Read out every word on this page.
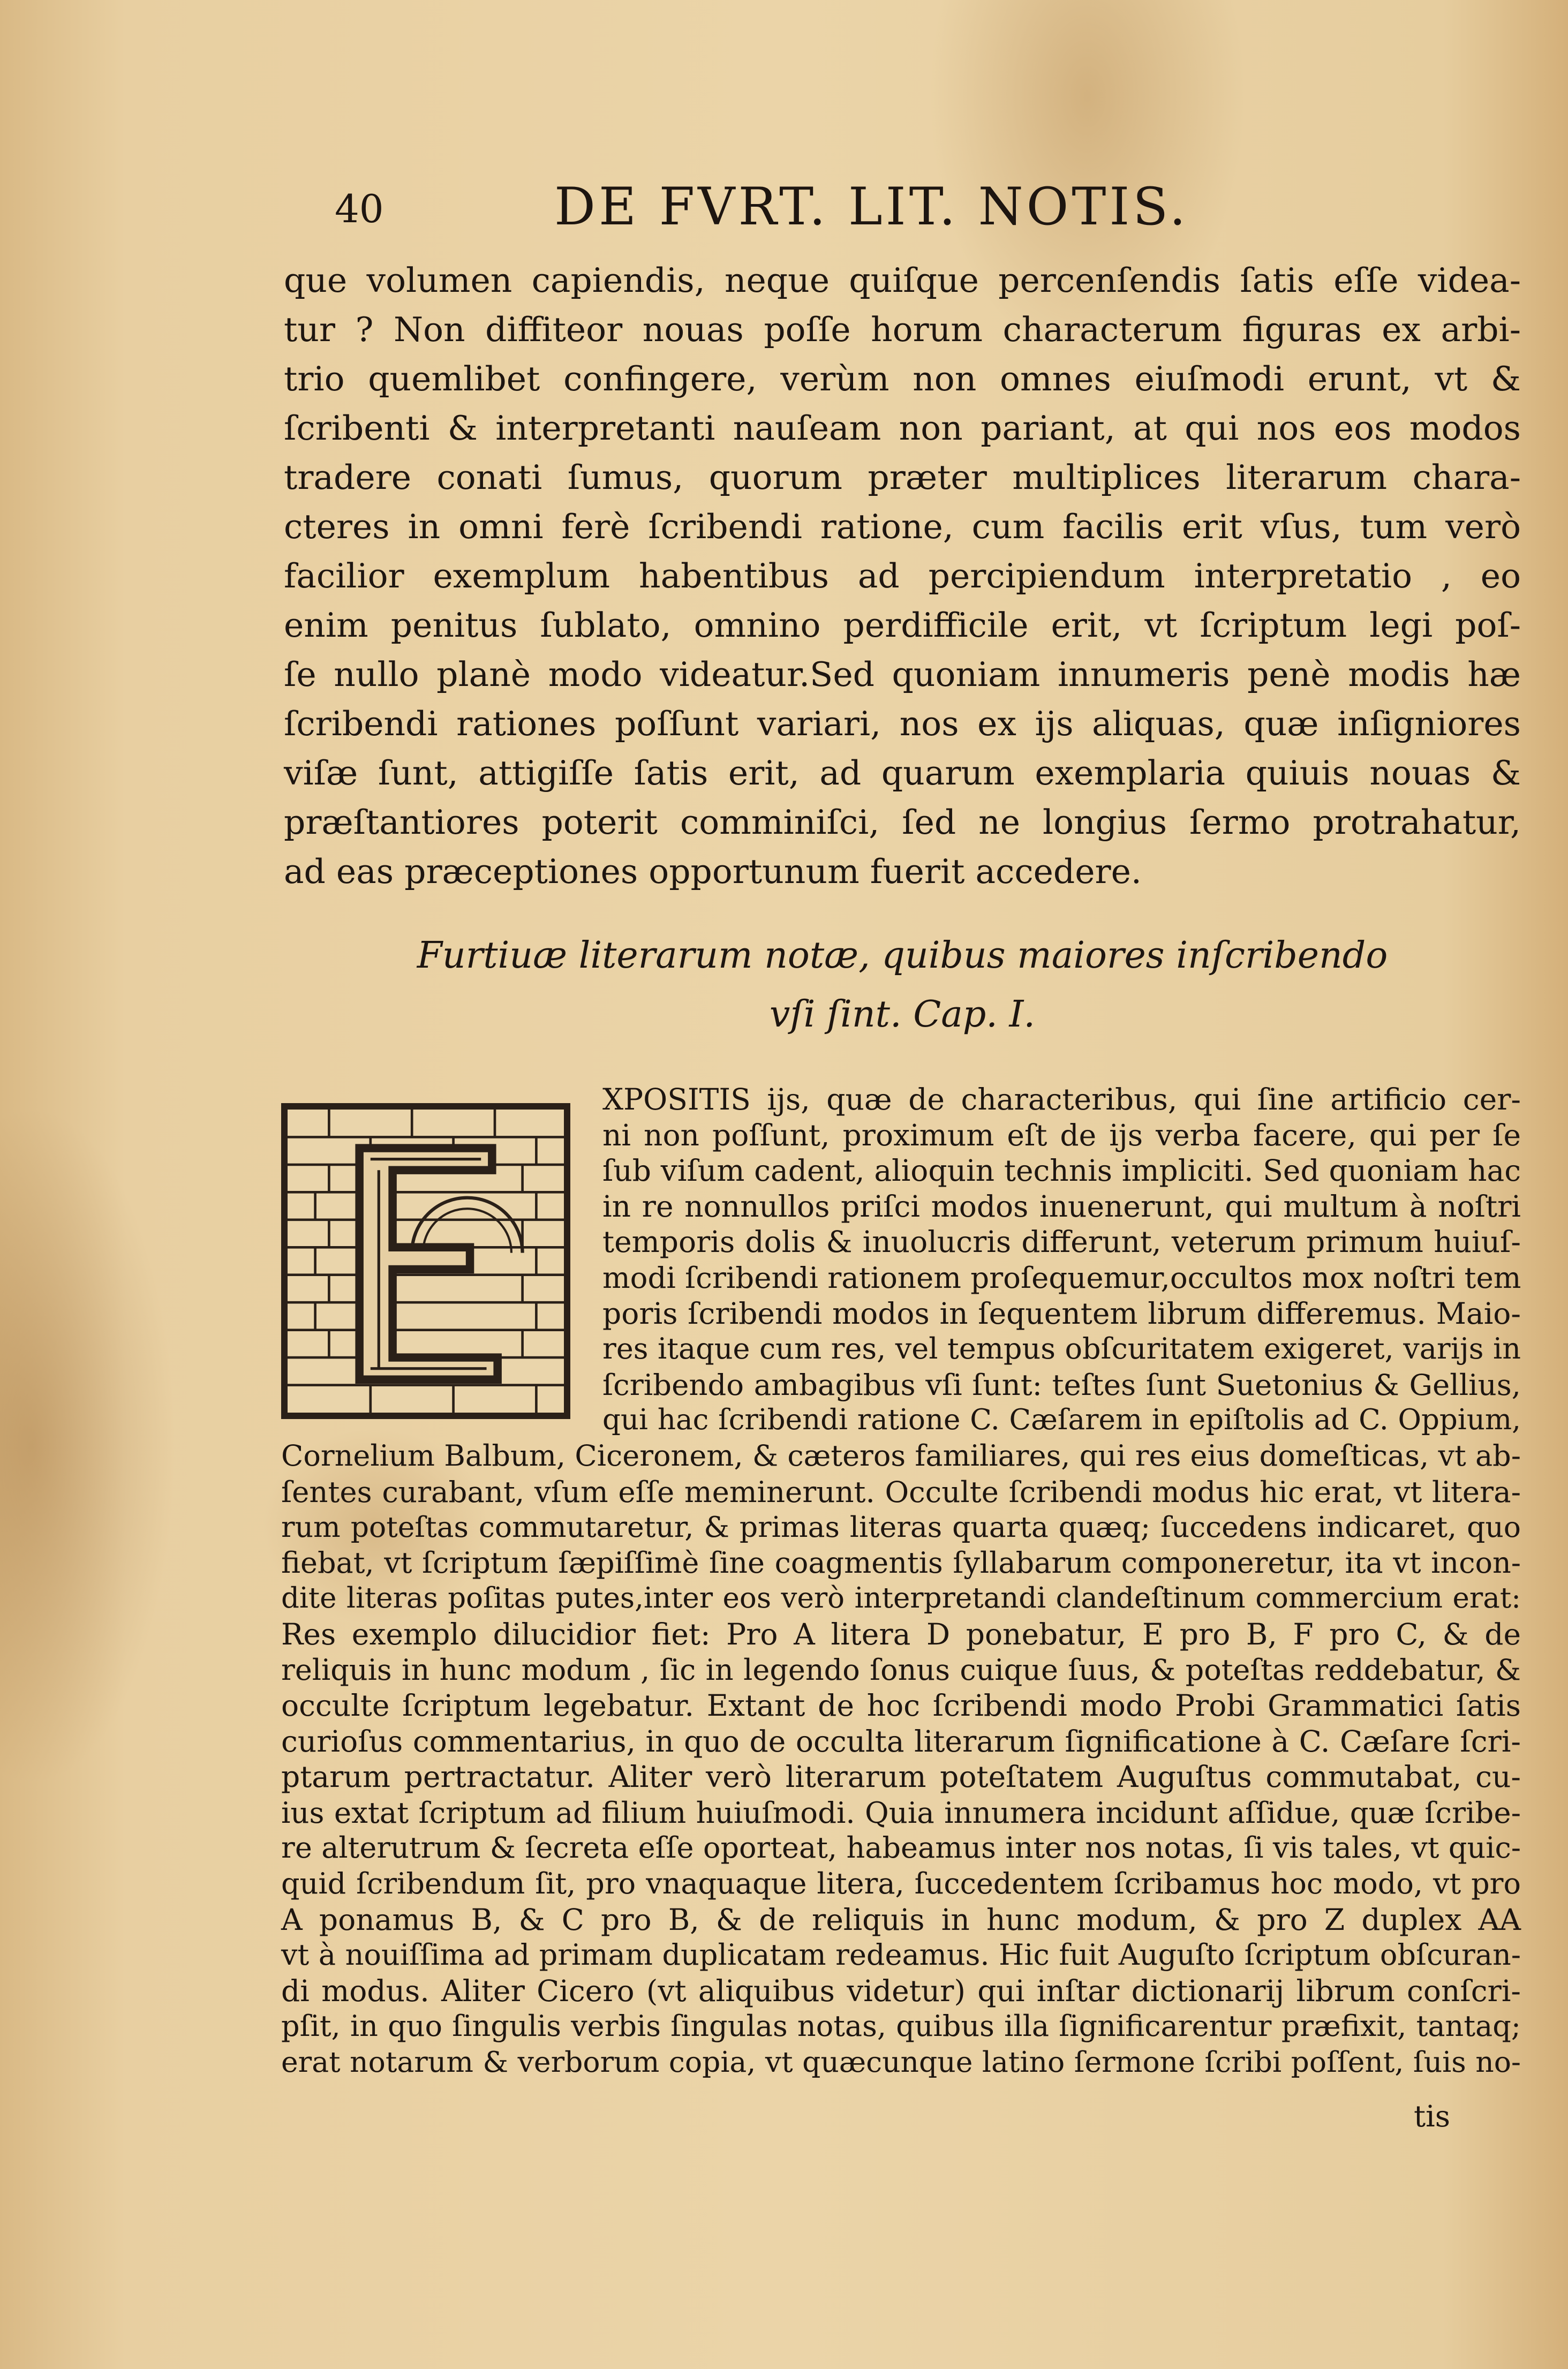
40	DE FVRT. LIT. NOTIS.
que volumen capiendis, neque quiſque percenſendis ſatis eſſe videa-
tur ? Non diffiteor nouas poſſe horum characterum figuras ex arbi-
trio quemlibet confingere, verùm non omnes eiuſmodi erunt, vt &
ſcribenti & interpretanti nauſeam non pariant, at qui nos eos modos
tradere conati ſumus, quorum præter multiplices literarum chara-
cteres in omni ferè ſcribendi ratione, cum facilis erit vſus, tum verò
facilior exemplum habentibus ad percipiendum interpretatio , eo
enim penitus ſublato, omnino perdifficile erit, vt ſcriptum legi poſ-
ſe nullo planè modo videatur.Sed quoniam innumeris penè modis hæ
ſcribendi rationes poſſunt variari, nos ex ijs aliquas, quæ inſigniores
viſæ ſunt, attigiſſe ſatis erit, ad quarum exemplaria quiuis nouas &
præſtantiores poterit comminiſci, ſed ne longius ſermo protrahatur,
ad eas præceptiones opportunum fuerit accedere.
Furtiuæ literarum notæ, quibus maiores inſcribendo
vſi ſint. Cap. I.
XPOSITIS ijs, quæ de characteribus, qui ſine artificio cer-
ni non poſſunt, proximum eſt de ijs verba facere, qui per ſe
ſub viſum cadent, alioquin technis impliciti. Sed quoniam hac
in re nonnullos priſci modos inuenerunt, qui multum à noſtri
temporis dolis & inuolucris differunt, veterum primum huiuſ-
modi ſcribendi rationem proſequemur,occultos mox noſtri tem
poris ſcribendi modos in ſequentem librum differemus. Maio-
res itaque cum res, vel tempus obſcuritatem exigeret, varijs in
ſcribendo ambagibus vſi ſunt: teſtes ſunt Suetonius & Gellius,
qui hac ſcribendi ratione C. Cæſarem in epiſtolis ad C. Oppium,
Cornelium Balbum, Ciceronem, & cæteros familiares, qui res eius domeſticas, vt ab-
ſentes curabant, vſum eſſe meminerunt. Occulte ſcribendi modus hic erat, vt litera-
rum poteſtas commutaretur, & primas literas quarta quæq; ſuccedens indicaret, quo
fiebat, vt ſcriptum ſæpiſſimè ſine coagmentis ſyllabarum componeretur, ita vt incon-
dite literas poſitas putes,inter eos verò interpretandi clandeſtinum commercium erat:
Res exemplo dilucidior fiet: Pro A litera D ponebatur, E pro B, F pro C, & de
reliquis in hunc modum , ſic in legendo ſonus cuique ſuus, & poteſtas reddebatur, &
occulte ſcriptum legebatur. Extant de hoc ſcribendi modo Probi Grammatici ſatis
curioſus commentarius, in quo de occulta literarum ſignificatione à C. Cæſare ſcri-
ptarum pertractatur. Aliter verò literarum poteſtatem Auguſtus commutabat, cu-
ius extat ſcriptum ad filium huiuſmodi. Quia innumera incidunt aſſidue, quæ ſcribe-
re alterutrum & ſecreta eſſe oporteat, habeamus inter nos notas, ſi vis tales, vt quic-
quid ſcribendum ſit, pro vnaquaque litera, ſuccedentem ſcribamus hoc modo, vt pro
A ponamus B, & C pro B, & de reliquis in hunc modum, & pro Z duplex AA
vt à nouiſſima ad primam duplicatam redeamus. Hic fuit Auguſto ſcriptum obſcuran-
di modus. Aliter Cicero (vt aliquibus videtur) qui inſtar dictionarij librum conſcri-
pſit, in quo ſingulis verbis ſingulas notas, quibus illa ſignificarentur præfixit, tantaq;
erat notarum & verborum copia, vt quæcunque latino ſermone ſcribi poſſent, ſuis no-
tis
